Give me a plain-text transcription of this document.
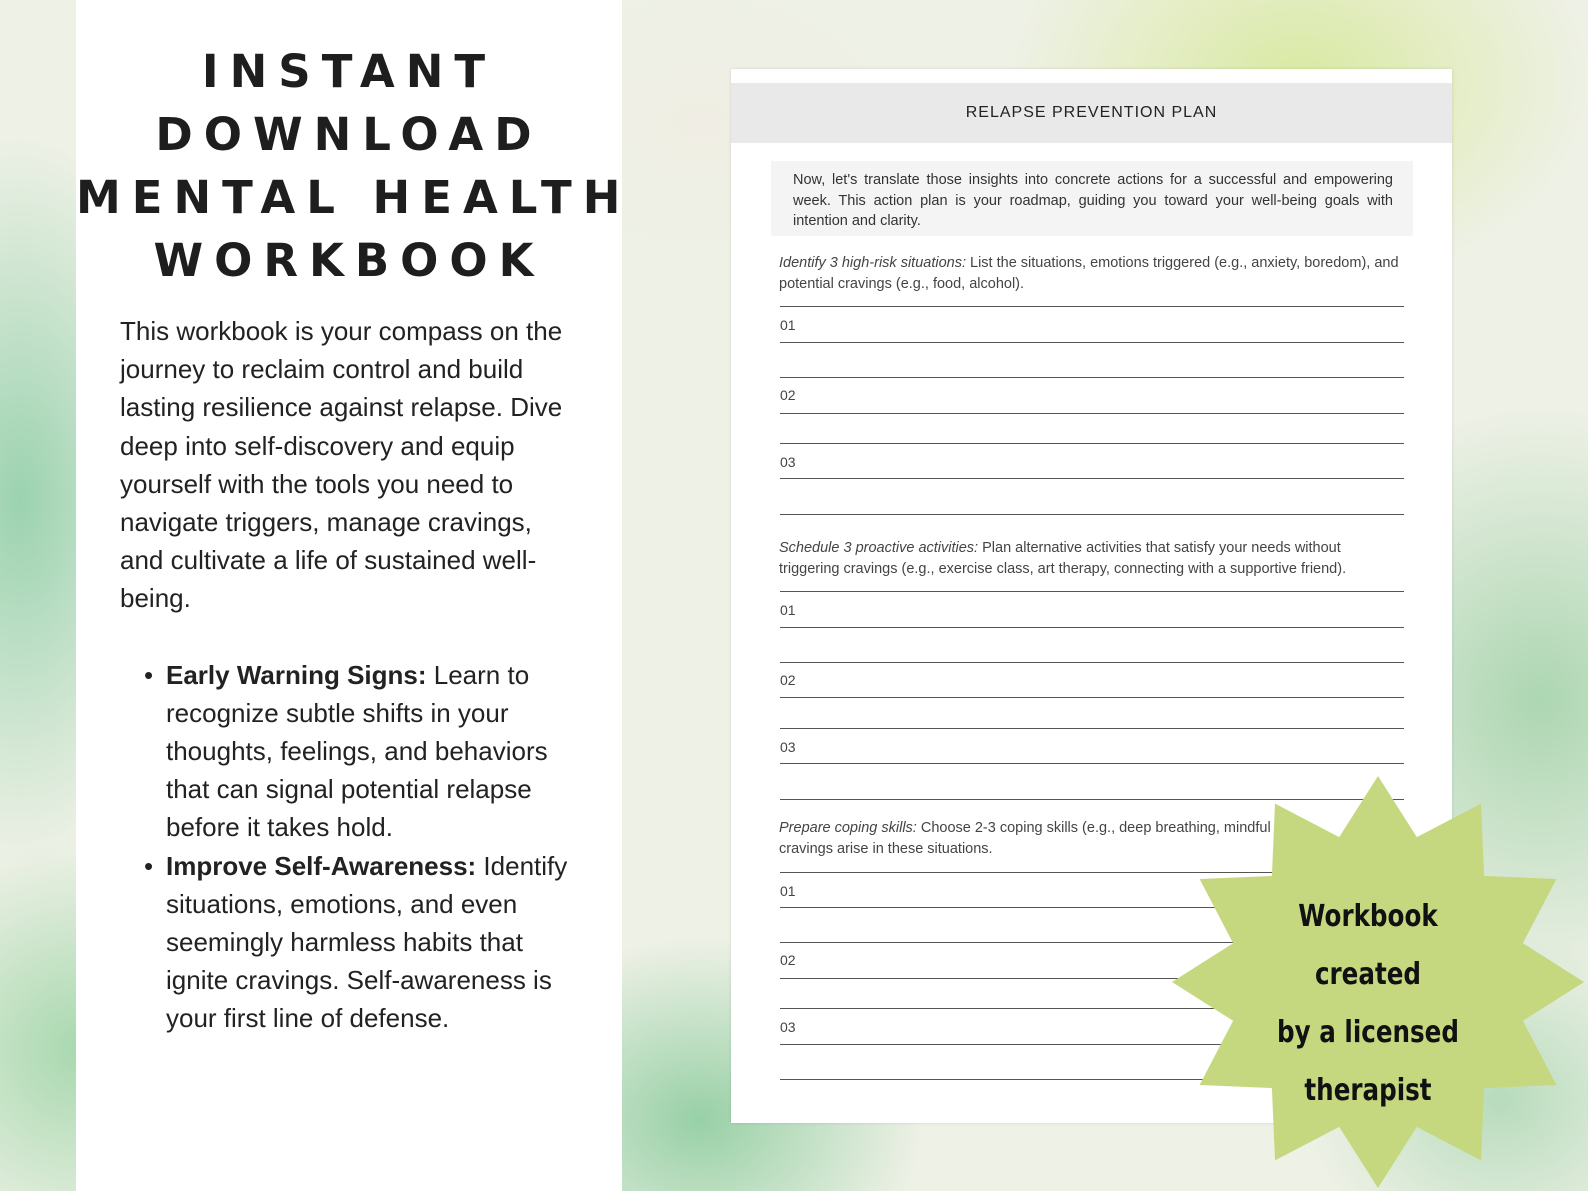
INSTANT
DOWNLOAD
MENTAL HEALTH
WORKBOOK

This workbook is your compass on the journey to reclaim control and build lasting resilience against relapse. Dive deep into self-discovery and equip yourself with the tools you need to navigate triggers, manage cravings, and cultivate a life of sustained well-being.

• Early Warning Signs: Learn to recognize subtle shifts in your thoughts, feelings, and behaviors that can signal potential relapse before it takes hold.
• Improve Self-Awareness: Identify situations, emotions, and even seemingly harmless habits that ignite cravings. Self-awareness is your first line of defense.
RELAPSE PREVENTION PLAN

Now, let's translate those insights into concrete actions for a successful and empowering week. This action plan is your roadmap, guiding you toward your well-being goals with intention and clarity.

Identify 3 high-risk situations: List the situations, emotions triggered (e.g., anxiety, boredom), and potential cravings (e.g., food, alcohol).
01
02
03
Schedule 3 proactive activities: Plan alternative activities that satisfy your needs without triggering cravings (e.g., exercise class, art therapy, connecting with a supportive friend).
01
02
03
Prepare coping skills: Choose 2-3 coping skills (e.g., deep breathing, mindful
cravings arise in these situations.
01
02
03
Workbook created
by a licensed
therapist
